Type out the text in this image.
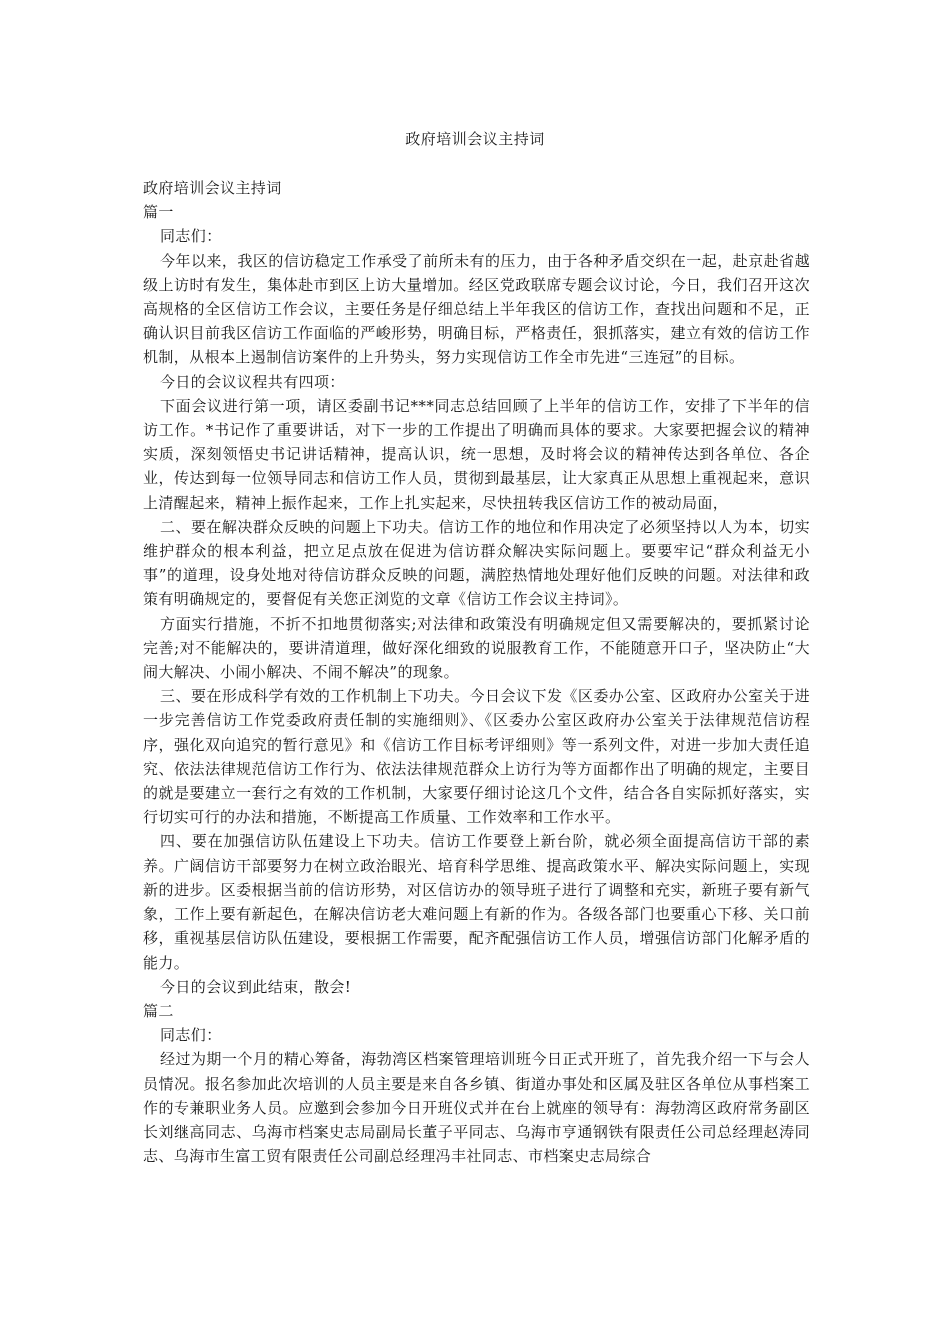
政府培训会议主持词

政府培训会议主持词

篇一

同志们：

今年以来，我区的信访稳定工作承受了前所未有的压力，由于各种矛盾交织在一起，赴京赴省越级上访时有发生，集体赴市到区上访大量增加。经区党政联席专题会议讨论，今日，我们召开这次高规格的全区信访工作会议，主要任务是仔细总结上半年我区的信访工作，查找出问题和不足，正确认识目前我区信访工作面临的严峻形势，明确目标，严格责任，狠抓落实，建立有效的信访工作机制，从根本上遏制信访案件的上升势头，努力实现信访工作全市先进“三连冠”的目标。

今日的会议议程共有四项：

下面会议进行第一项，请区委副书记***同志总结回顾了上半年的信访工作，安排了下半年的信访工作。*书记作了重要讲话，对下一步的工作提出了明确而具体的要求。大家要把握会议的精神实质，深刻领悟史书记讲话精神，提高认识，统一思想，及时将会议的精神传达到各单位、各企业，传达到每一位领导同志和信访工作人员，贯彻到最基层，让大家真正从思想上重视起来，意识上清醒起来，精神上振作起来，工作上扎实起来，尽快扭转我区信访工作的被动局面，

二、要在解决群众反映的问题上下功夫。信访工作的地位和作用决定了必须坚持以人为本，切实维护群众的根本利益，把立足点放在促进为信访群众解决实际问题上。要要牢记“群众利益无小事”的道理，设身处地对待信访群众反映的问题，满腔热情地处理好他们反映的问题。对法律和政策有明确规定的，要督促有关您正浏览的文章《信访工作会议主持词》。

方面实行措施，不折不扣地贯彻落实;对法律和政策没有明确规定但又需要解决的，要抓紧讨论完善;对不能解决的，要讲清道理，做好深化细致的说服教育工作，不能随意开口子，坚决防止“大闹大解决、小闹小解决、不闹不解决”的现象。

三、要在形成科学有效的工作机制上下功夫。今日会议下发《区委办公室、区政府办公室关于进一步完善信访工作党委政府责任制的实施细则》、《区委办公室区政府办公室关于法律规范信访程序，强化双向追究的暂行意见》和《信访工作目标考评细则》等一系列文件，对进一步加大责任追究、依法法律规范信访工作行为、依法法律规范群众上访行为等方面都作出了明确的规定，主要目的就是要建立一套行之有效的工作机制，大家要仔细讨论这几个文件，结合各自实际抓好落实，实行切实可行的办法和措施，不断提高工作质量、工作效率和工作水平。

四、要在加强信访队伍建设上下功夫。信访工作要登上新台阶，就必须全面提高信访干部的素养。广阔信访干部要努力在树立政治眼光、培育科学思维、提高政策水平、解决实际问题上，实现新的进步。区委根据当前的信访形势，对区信访办的领导班子进行了调整和充实，新班子要有新气象，工作上要有新起色，在解决信访老大难问题上有新的作为。各级各部门也要重心下移、关口前移，重视基层信访队伍建设，要根据工作需要，配齐配强信访工作人员，增强信访部门化解矛盾的能力。

今日的会议到此结束，散会!

篇二

同志们：

经过为期一个月的精心筹备，海勃湾区档案管理培训班今日正式开班了，首先我介绍一下与会人员情况。报名参加此次培训的人员主要是来自各乡镇、街道办事处和区属及驻区各单位从事档案工作的专兼职业务人员。应邀到会参加今日开班仪式并在台上就座的领导有：海勃湾区政府常务副区长刘继高同志、乌海市档案史志局副局长董子平同志、乌海市亨通钢铁有限责任公司总经理赵涛同志、乌海市生富工贸有限责任公司副总经理冯丰社同志、市档案史志局综合
